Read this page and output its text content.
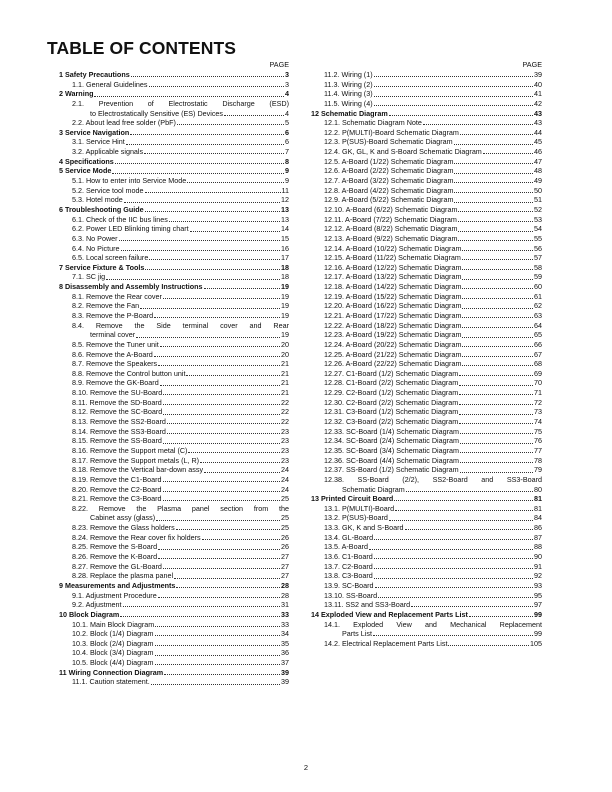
TABLE OF CONTENTS
PAGE
1 Safety Precautions	3
1.1. General Guidelines	3
2 Warning	4
2.1. Prevention of Electrostatic Discharge (ESD)
to Electrostatically Sensitive (ES) Devices	4
2.2. About lead free solder (PbF)	5
3 Service Navigation	6
3.1. Service Hint	6
3.2. Applicable signals	7
4 Specifications	8
5 Service Mode	9
5.1. How to enter into Service Mode	9
5.2. Service tool mode	11
5.3. Hotel mode	12
6 Troubleshooting Guide	13
6.1. Check of the IIC bus lines	13
6.2. Power LED Blinking timing chart	14
6.3. No Power	15
6.4. No Picture	16
6.5. Local screen failure	17
7 Service Fixture & Tools	18
7.1. SC jig	18
8 Disassembly and Assembly Instructions	19
8.1. Remove the Rear cover	19
8.2. Remove the Fan	19
8.3. Remove the P-Board	19
8.4. Remove the Side terminal cover and Rear
terminal cover	19
8.5. Remove the Tuner unit	20
8.6. Remove the A-Board	20
8.7. Remove the Speakers	21
8.8. Remove the Control button unit	21
8.9. Remove the GK-Board	21
8.10. Remove the SU-Board	21
8.11. Remove the SD-Board	22
8.12. Remove the SC-Board	22
8.13. Remove the SS2-Board	22
8.14. Remove the SS3-Board	23
8.15. Remove the SS-Board	23
8.16. Remove the Support metal (C)	23
8.17. Remove the Support metals (L, R)	23
8.18. Remove the Vertical bar-down assy	24
8.19. Remove the C1-Board	24
8.20. Remove the C2-Board	24
8.21. Remove the C3-Board	25
8.22. Remove the Plasma panel section from the
Cabinet assy (glass)	25
8.23. Remove the Glass holders	25
8.24. Remove the Rear cover fix holders	26
8.25. Remove the S-Board	26
8.26. Remove the K-Board	27
8.27. Remove the GL-Board	27
8.28. Replace the plasma panel	27
9 Measurements and Adjustments	28
9.1. Adjustment Procedure	28
9.2. Adjustment	31
10 Block Diagram	33
10.1. Main Block Diagram	33
10.2. Block (1/4) Diagram	34
10.3. Block (2/4) Diagram	35
10.4. Block (3/4) Diagram	36
10.5. Block (4/4) Diagram	37
11 Wiring Connection Diagram	39
11.1. Caution statement.	39
PAGE
11.2. Wiring (1)	39
11.3. Wiring (2)	40
11.4. Wiring (3)	41
11.5. Wiring (4)	42
12 Schematic Diagram	43
12.1. Schematic Diagram Note	43
12.2. P(MULTI)-Board Schematic Diagram	44
12.3. P(SUS)-Board Schematic Diagram	45
12.4. GK, GL, K and S-Board Schematic Diagram	46
12.5. A-Board (1/22) Schematic Diagram	47
12.6. A-Board (2/22) Schematic Diagram	48
12.7. A-Board (3/22) Schematic Diagram	49
12.8. A-Board (4/22) Schematic Diagram	50
12.9. A-Board (5/22) Schematic Diagram	51
12.10. A-Board (6/22) Schematic Diagram	52
12.11. A-Board (7/22) Schematic Diagram	53
12.12. A-Board (8/22) Schematic Diagram	54
12.13. A-Board (9/22) Schematic Diagram	55
12.14. A-Board (10/22) Schematic Diagram	56
12.15. A-Board (11/22) Schematic Diagram	57
12.16. A-Board (12/22) Schematic Diagram	58
12.17. A-Board (13/22) Schematic Diagram	59
12.18. A-Board (14/22) Schematic Diagram	60
12.19. A-Board (15/22) Schematic Diagram	61
12.20. A-Board (16/22) Schematic Diagram	62
12.21. A-Board (17/22) Schematic Diagram	63
12.22. A-Board (18/22) Schematic Diagram	64
12.23. A-Board (19/22) Schematic Diagram	65
12.24. A-Board (20/22) Schematic Diagram	66
12.25. A-Board (21/22) Schematic Diagram	67
12.26. A-Board (22/22) Schematic Diagram	68
12.27. C1-Board (1/2) Schematic Diagram	69
12.28. C1-Board (2/2) Schematic Diagram	70
12.29. C2-Board (1/2) Schematic Diagram	71
12.30. C2-Board (2/2) Schematic Diagram	72
12.31. C3-Board (1/2) Schematic Diagram	73
12.32. C3-Board (2/2) Schematic Diagram	74
12.33. SC-Board (1/4) Schematic Diagram	75
12.34. SC-Board (2/4) Schematic Diagram	76
12.35. SC-Board (3/4) Schematic Diagram	77
12.36. SC-Board (4/4) Schematic Diagram	78
12.37. SS-Board (1/2) Schematic Diagram	79
12.38. SS-Board (2/2), SS2-Board and SS3-Board
Schematic Diagram	80
13 Printed Circuit Board	81
13.1. P(MULTI)-Board	81
13.2. P(SUS)-Board	84
13.3. GK, K and S-Board	86
13.4. GL-Board	87
13.5. A-Board	88
13.6. C1-Board	90
13.7. C2-Board	91
13.8. C3-Board	92
13.9. SC-Board	93
13.10. SS-Board	95
13.11. SS2 and SS3-Board	97
14 Exploded View and Replacement Parts List	99
14.1. Exploded View and Mechanical Replacement
Parts List	99
14.2. Electrical Replacement Parts List	105
2
